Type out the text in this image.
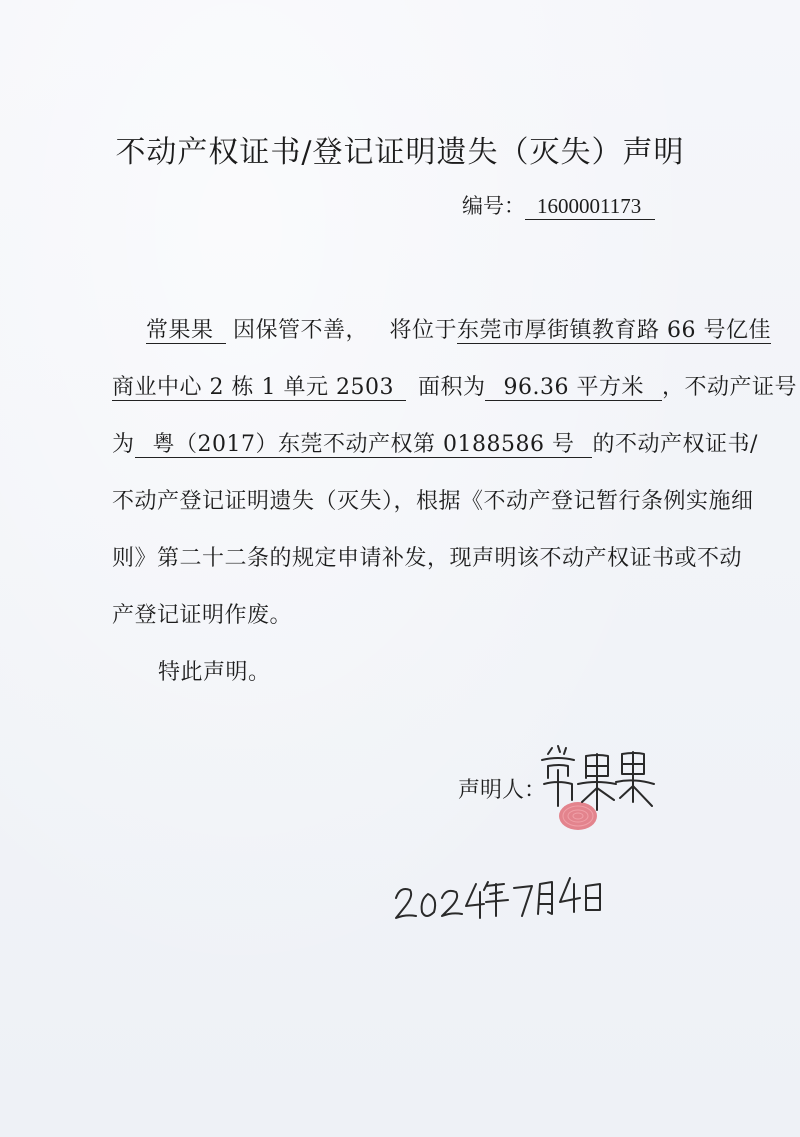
不动产权证书/登记证明遗失（灭失）声明
编号： 1600001173
常果果 因保管不善， 将位于东莞市厚街镇教育路 66 号亿佳
商业中心 2 栋 1 单元 2503 面积为 96.36 平方米 ，不动产证号
为 粤（2017）东莞不动产权第 0188586 号 的不动产权证书/
不动产登记证明遗失（灭失），根据《不动产登记暂行条例实施细
则》第二十二条的规定申请补发，现声明该不动产权证书或不动
产登记证明作废。
特此声明。
声明人：
